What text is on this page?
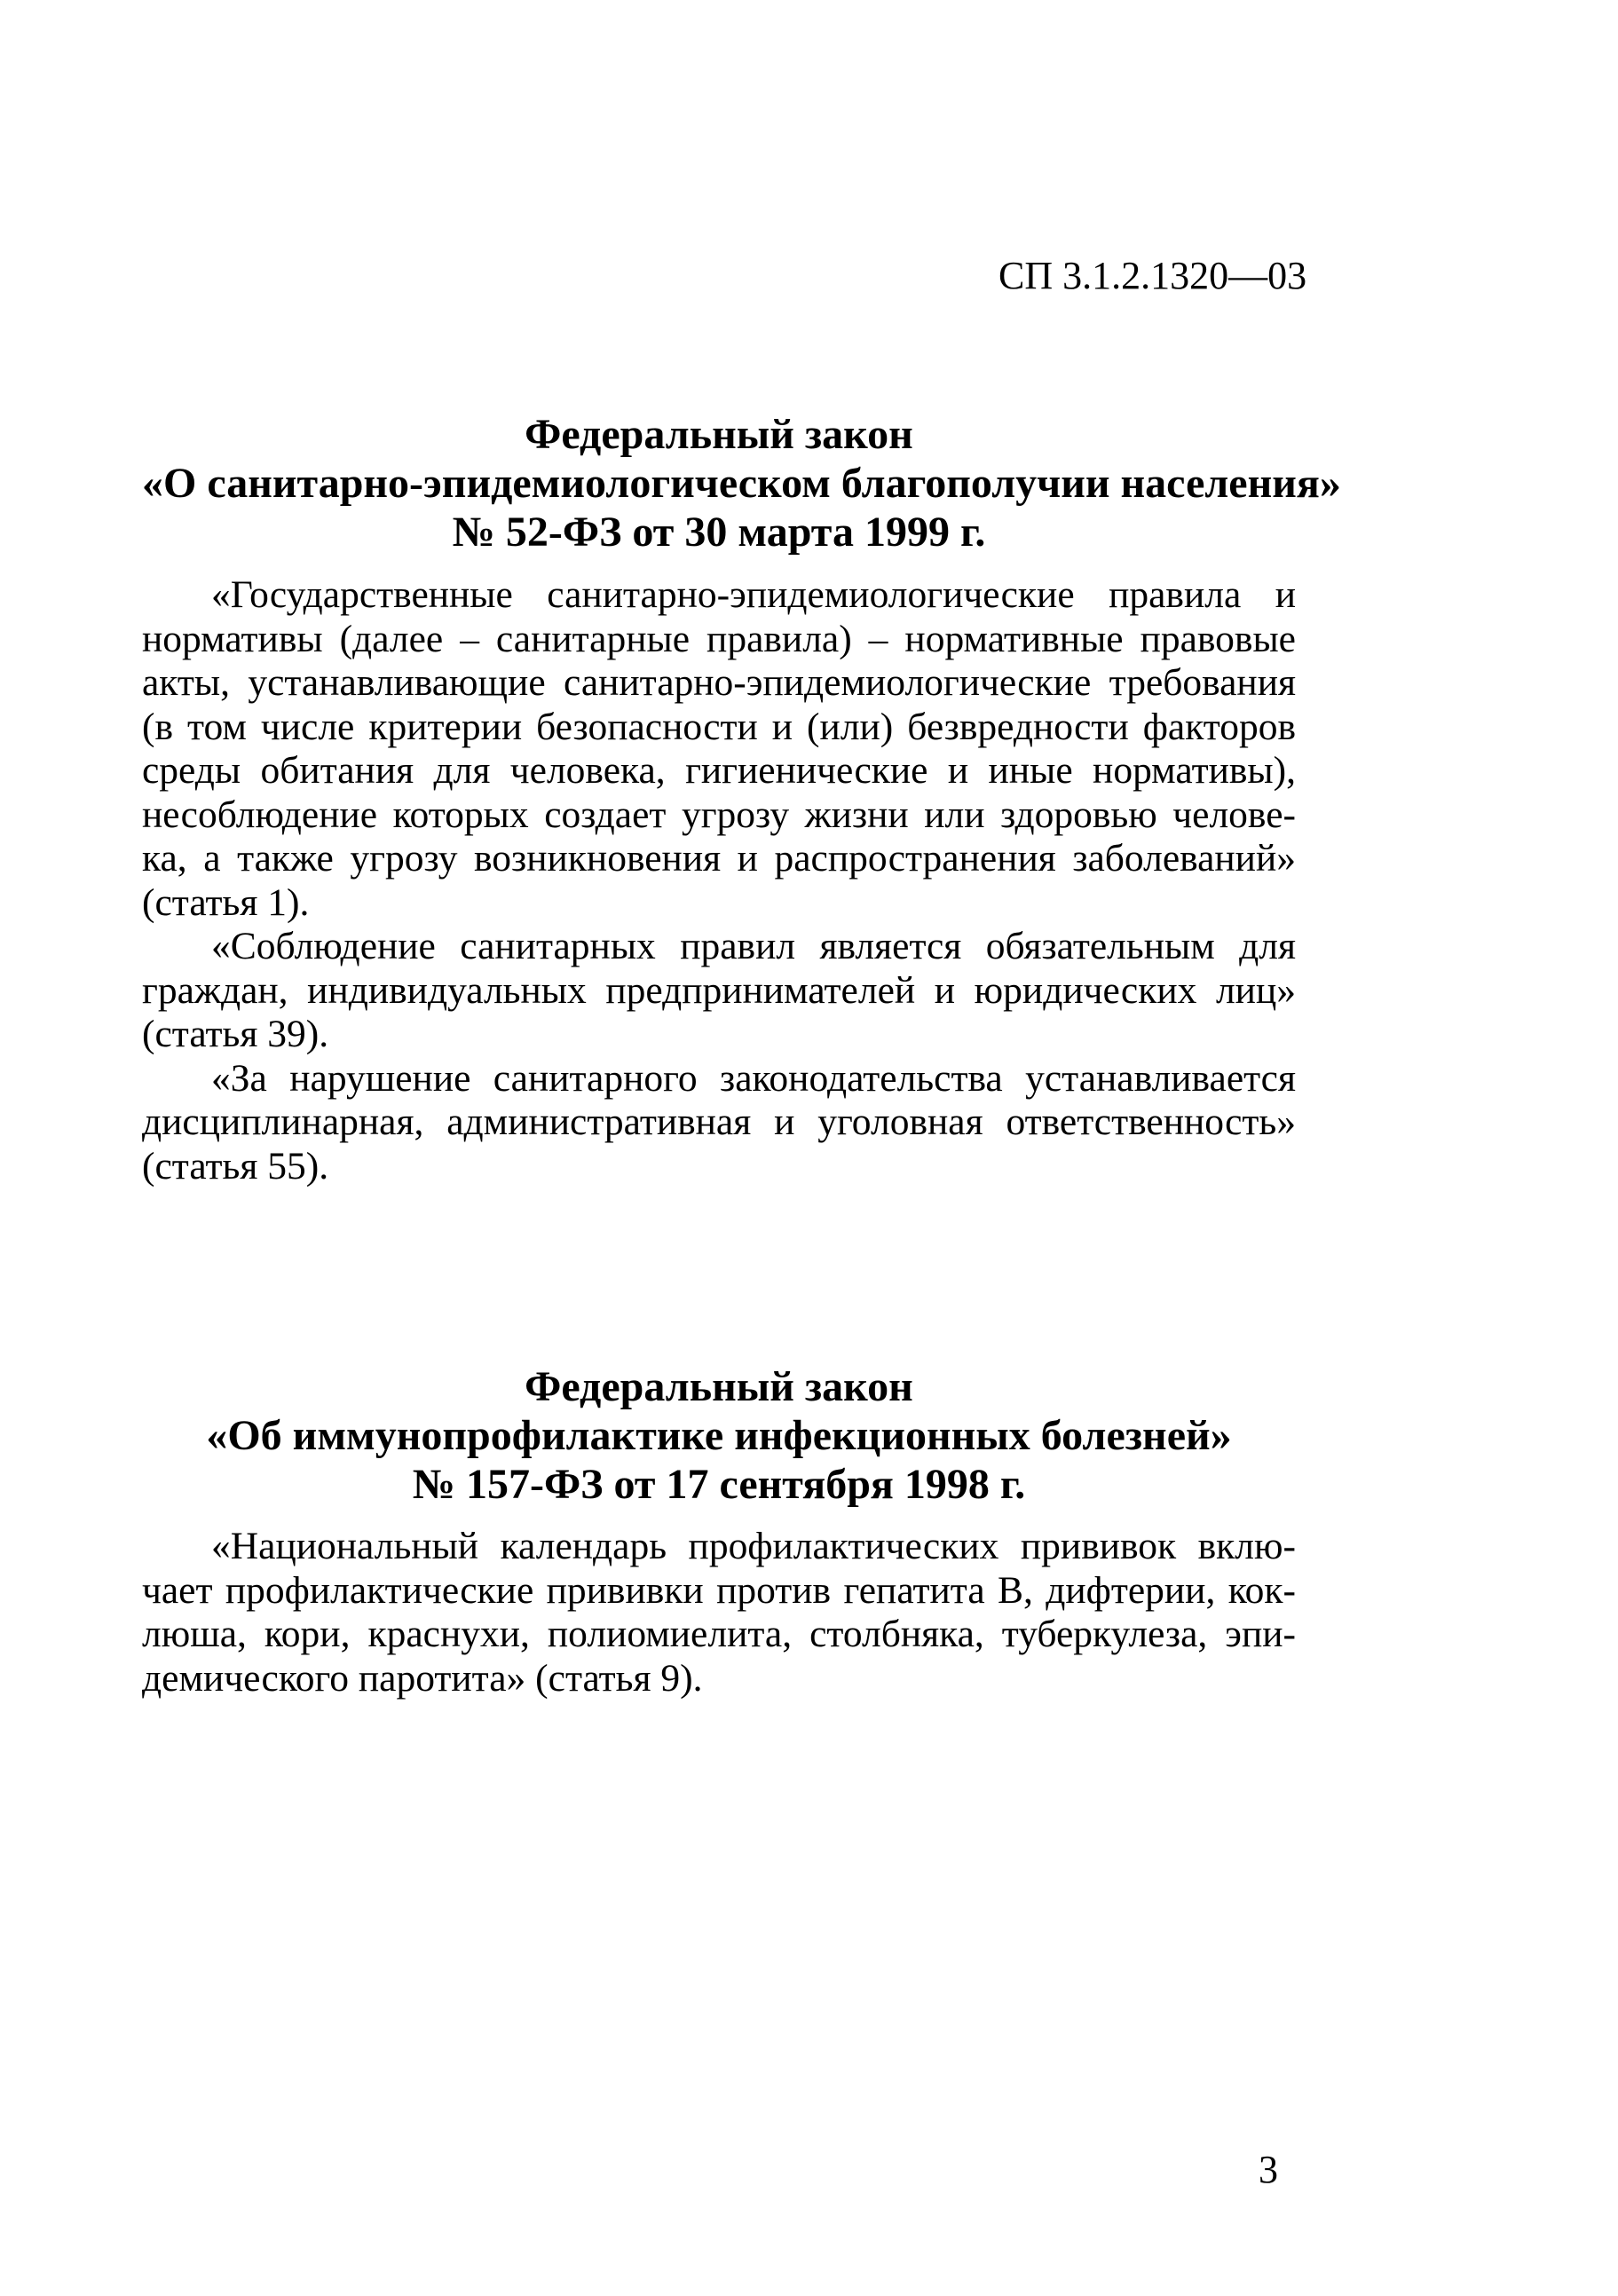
СП 3.1.2.1320—03
Федеральный закон
«О санитарно-эпидемиологическом благополучии населения»
№ 52-ФЗ от 30 марта 1999 г.
«Государственные санитарно-эпидемиологические правила и
нормативы (далее – санитарные правила) – нормативные правовые
акты, устанавливающие санитарно-эпидемиологические требования
(в том числе критерии безопасности и (или) безвредности факторов
среды обитания для человека, гигиенические и иные нормативы),
несоблюдение которых создает угрозу жизни или здоровью челове-
ка, а также угрозу возникновения и распространения заболеваний»
(статья 1).
«Соблюдение санитарных правил является обязательным для
граждан, индивидуальных предпринимателей и юридических лиц»
(статья 39).
«За нарушение санитарного законодательства устанавливается
дисциплинарная, административная и уголовная ответственность»
(статья 55).
Федеральный закон
«Об иммунопрофилактике инфекционных болезней»
№ 157-ФЗ от 17 сентября 1998 г.
«Национальный календарь профилактических прививок вклю-
чает профилактические прививки против гепатита В, дифтерии, кок-
люша, кори, краснухи, полиомиелита, столбняка, туберкулеза, эпи-
демического паротита» (статья 9).
3
